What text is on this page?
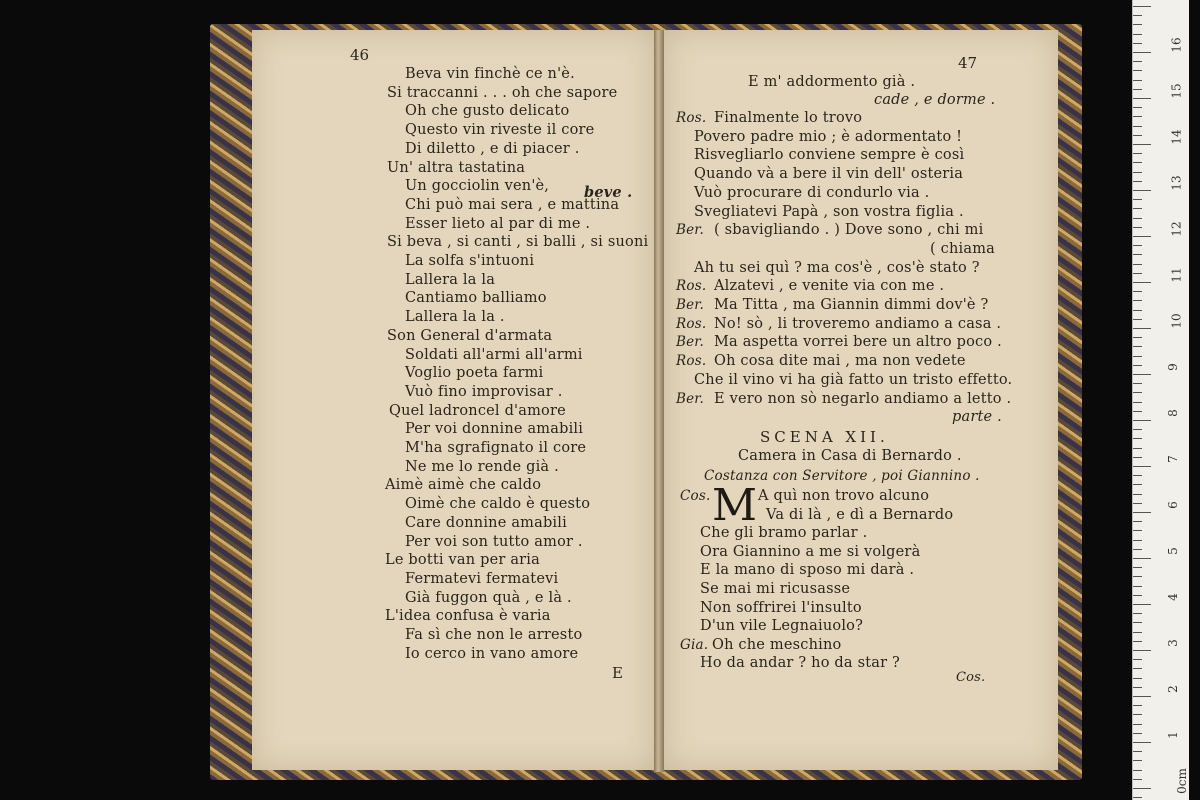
46
Beva vin finchè ce n'è.
Si traccanni . . . oh che sapore
Oh che gusto delicato
Questo vin riveste il core
Di diletto , e di piacer .
Un' altra tastatina
Un gocciolin ven'è,
Chi può mai sera , e mattina
Esser lieto al par di me .
Si beva , si canti , si balli , si suoni
La solfa s'intuoni
Lallera la la
Cantiamo balliamo
Lallera la la .
Son General d'armata
Soldati all'armi all'armi
Voglio poeta farmi
Vuò fino improvisar .
Quel ladroncel d'amore
Per voi donnine amabili
M'ha sgrafignato il core
Ne me lo rende già .
Aimè aimè che caldo
Oimè che caldo è questo
Care donnine amabili
Per voi son tutto amor .
Le botti van per aria
Fermatevi fermatevi
Già fuggon quà , e là .
L'idea confusa è varia
Fa sì che non le arresto
Io cerco in vano amore
beve .
E
47
E m' addormento già .
cade , e dorme .
Ros. Finalmente lo trovo
Povero padre mio ; è adormentato !
Risvegliarlo conviene sempre è così
Quando và a bere il vin dell' osteria
Vuò procurare di condurlo via .
Svegliatevi Papà , son vostra figlia .
Ber. ( sbavigliando . ) Dove sono , chi mi
( chiama
Ah tu sei quì ? ma cos'è , cos'è stato ?
Ros. Alzatevi , e venite via con me .
Ber. Ma Titta , ma Giannin dimmi dov'è ?
Ros. No! sò , li troveremo andiamo a casa .
Ber. Ma aspetta vorrei bere un altro poco .
Ros. Oh cosa dite mai , ma non vedete
Che il vino vi ha già fatto un tristo effetto.
Ber. E vero non sò negarlo andiamo a letto .
parte .
SCENA XII.
Camera in Casa di Bernardo .
Costanza con Servitore , poi Giannino .
M
Cos.	A quì non trovo alcuno
Va di là , e dì a Bernardo
Che gli bramo parlar .
Ora Giannino a me si volgerà
E la mano di sposo mi darà .
Se mai mi ricusasse
Non soffrirei l'insulto
D'un vile Legnaiuolo?
Gia. Oh che meschino
Ho da andar ? ho da star ?
Cos.
16
15
14
13
12
11
10
9
8
7
6
5
4
3
2
1
0cm
